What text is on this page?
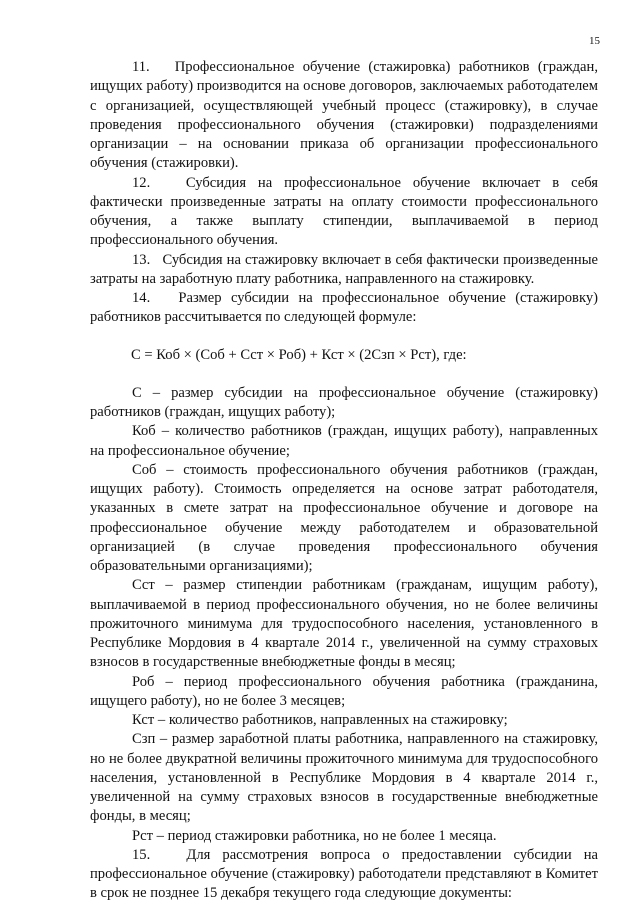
15

11.   Профессиональное обучение (стажировка) работников (граждан, ищущих работу) производится на основе договоров, заключаемых работодателем с организацией, осуществляющей учебный процесс (стажировку), в случае проведения профессионального обучения (стажировки) подразделениями организации – на основании приказа об организации профессионального обучения (стажировки).

12.   Субсидия на профессиональное обучение включает в себя фактически произведенные затраты на оплату стоимости профессионального обучения, а также выплату стипендии, выплачиваемой в период профессионального обучения.

13.   Субсидия на стажировку включает в себя фактически произведенные затраты на заработную плату работника, направленного на стажировку.

14.   Размер субсидии на профессиональное обучение (стажировку) работников рассчитывается по следующей формуле:

С = Коб × (Соб + Сст × Роб) + Кст × (2Сзп × Рст), где:

С – размер субсидии на профессиональное обучение (стажировку) работников (граждан, ищущих работу);

Коб – количество работников (граждан, ищущих работу), направленных на профессиональное обучение;

Соб – стоимость профессионального обучения работников (граждан, ищущих работу). Стоимость определяется на основе затрат работодателя, указанных в смете затрат на профессиональное обучение и договоре на профессиональное обучение между работодателем и образовательной организацией (в случае проведения профессионального обучения образовательными организациями);

Сст – размер стипендии работникам (гражданам, ищущим работу), выплачиваемой в период профессионального обучения, но не более величины прожиточного минимума для трудоспособного населения, установленного в Республике Мордовия в 4 квартале 2014 г., увеличенной на сумму страховых взносов в государственные внебюджетные фонды в месяц;

Роб – период профессионального обучения работника (гражданина, ищущего работу), но не более 3 месяцев;

Кст – количество работников, направленных на стажировку;

Сзп – размер заработной платы работника, направленного на стажировку, но не более двукратной величины прожиточного минимума для трудоспособного населения, установленной в Республике Мордовия в 4 квартале 2014 г., увеличенной на сумму страховых взносов в государственные внебюджетные фонды, в месяц;

Рст – период стажировки работника, но не более 1 месяца.

15.   Для рассмотрения вопроса о предоставлении субсидии на профессиональное обучение (стажировку) работодатели представляют в Комитет в срок не позднее 15 декабря текущего года следующие документы:
